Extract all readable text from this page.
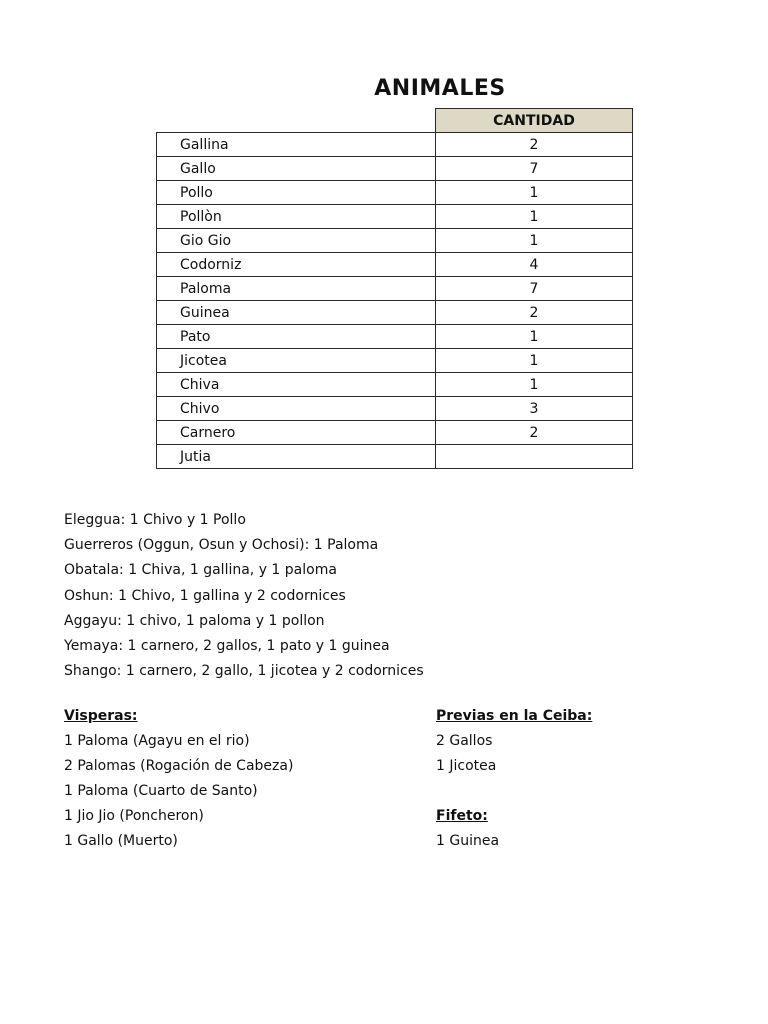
ANIMALES
	CANTIDAD
Gallina	2
Gallo	7
Pollo	1
Pollòn	1
Gio Gio	1
Codorniz	4
Paloma	7
Guinea	2
Pato	1
Jicotea	1
Chiva	1
Chivo	3
Carnero	2
Jutia	
Eleggua: 1 Chivo y 1 Pollo
Guerreros (Oggun, Osun y Ochosi): 1 Paloma
Obatala: 1 Chiva, 1 gallina, y 1 paloma
Oshun: 1 Chivo, 1 gallina y 2 codornices
Aggayu: 1 chivo, 1 paloma y 1 pollon
Yemaya: 1 carnero, 2 gallos, 1 pato y 1 guinea
Shango: 1 carnero, 2 gallo, 1 jicotea y 2 codornices
Visperas:
1 Paloma (Agayu en el rio)
2 Palomas (Rogación de Cabeza)
1 Paloma (Cuarto de Santo)
1 Jio Jio (Poncheron)
1 Gallo (Muerto)
Previas en la Ceiba:
2 Gallos
1 Jicotea
Fifeto:
1 Guinea
